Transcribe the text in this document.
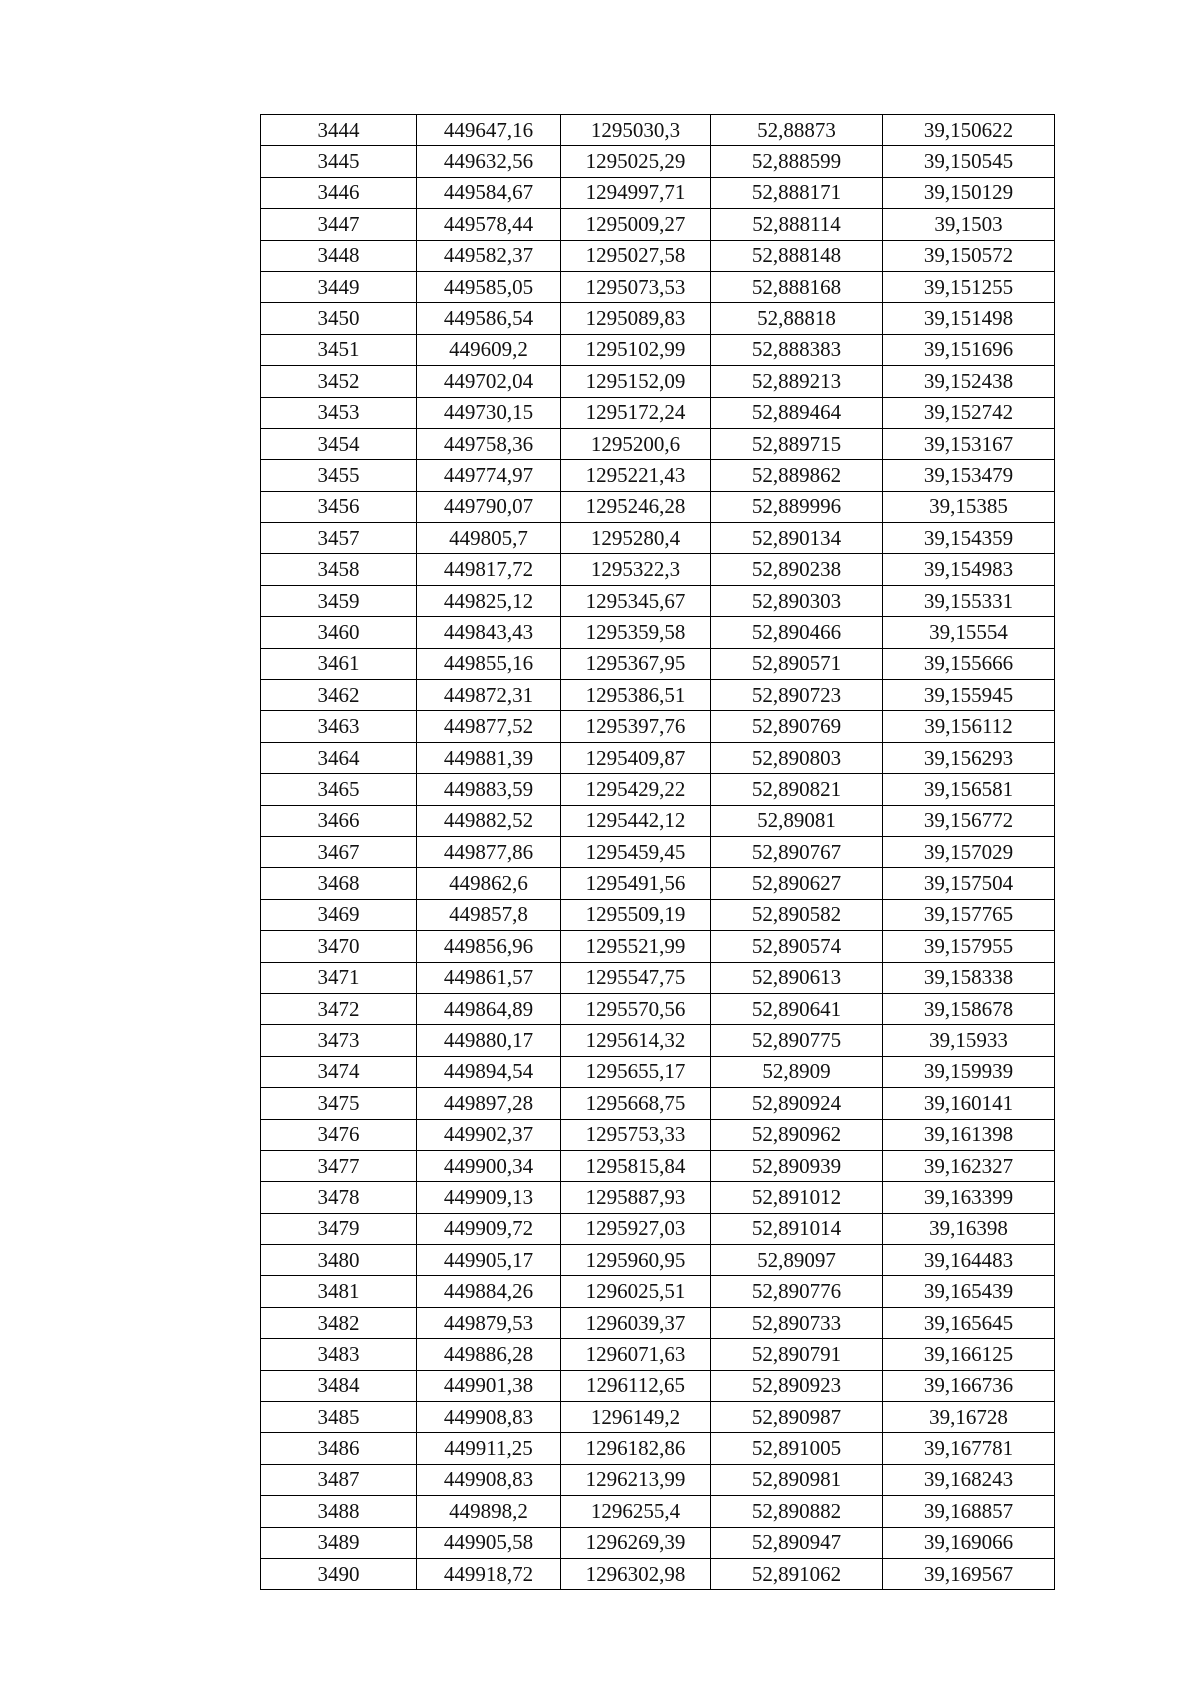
3444	449647,16	1295030,3	52,88873	39,150622
3445	449632,56	1295025,29	52,888599	39,150545
3446	449584,67	1294997,71	52,888171	39,150129
3447	449578,44	1295009,27	52,888114	39,1503
3448	449582,37	1295027,58	52,888148	39,150572
3449	449585,05	1295073,53	52,888168	39,151255
3450	449586,54	1295089,83	52,88818	39,151498
3451	449609,2	1295102,99	52,888383	39,151696
3452	449702,04	1295152,09	52,889213	39,152438
3453	449730,15	1295172,24	52,889464	39,152742
3454	449758,36	1295200,6	52,889715	39,153167
3455	449774,97	1295221,43	52,889862	39,153479
3456	449790,07	1295246,28	52,889996	39,15385
3457	449805,7	1295280,4	52,890134	39,154359
3458	449817,72	1295322,3	52,890238	39,154983
3459	449825,12	1295345,67	52,890303	39,155331
3460	449843,43	1295359,58	52,890466	39,15554
3461	449855,16	1295367,95	52,890571	39,155666
3462	449872,31	1295386,51	52,890723	39,155945
3463	449877,52	1295397,76	52,890769	39,156112
3464	449881,39	1295409,87	52,890803	39,156293
3465	449883,59	1295429,22	52,890821	39,156581
3466	449882,52	1295442,12	52,89081	39,156772
3467	449877,86	1295459,45	52,890767	39,157029
3468	449862,6	1295491,56	52,890627	39,157504
3469	449857,8	1295509,19	52,890582	39,157765
3470	449856,96	1295521,99	52,890574	39,157955
3471	449861,57	1295547,75	52,890613	39,158338
3472	449864,89	1295570,56	52,890641	39,158678
3473	449880,17	1295614,32	52,890775	39,15933
3474	449894,54	1295655,17	52,8909	39,159939
3475	449897,28	1295668,75	52,890924	39,160141
3476	449902,37	1295753,33	52,890962	39,161398
3477	449900,34	1295815,84	52,890939	39,162327
3478	449909,13	1295887,93	52,891012	39,163399
3479	449909,72	1295927,03	52,891014	39,16398
3480	449905,17	1295960,95	52,89097	39,164483
3481	449884,26	1296025,51	52,890776	39,165439
3482	449879,53	1296039,37	52,890733	39,165645
3483	449886,28	1296071,63	52,890791	39,166125
3484	449901,38	1296112,65	52,890923	39,166736
3485	449908,83	1296149,2	52,890987	39,16728
3486	449911,25	1296182,86	52,891005	39,167781
3487	449908,83	1296213,99	52,890981	39,168243
3488	449898,2	1296255,4	52,890882	39,168857
3489	449905,58	1296269,39	52,890947	39,169066
3490	449918,72	1296302,98	52,891062	39,169567
